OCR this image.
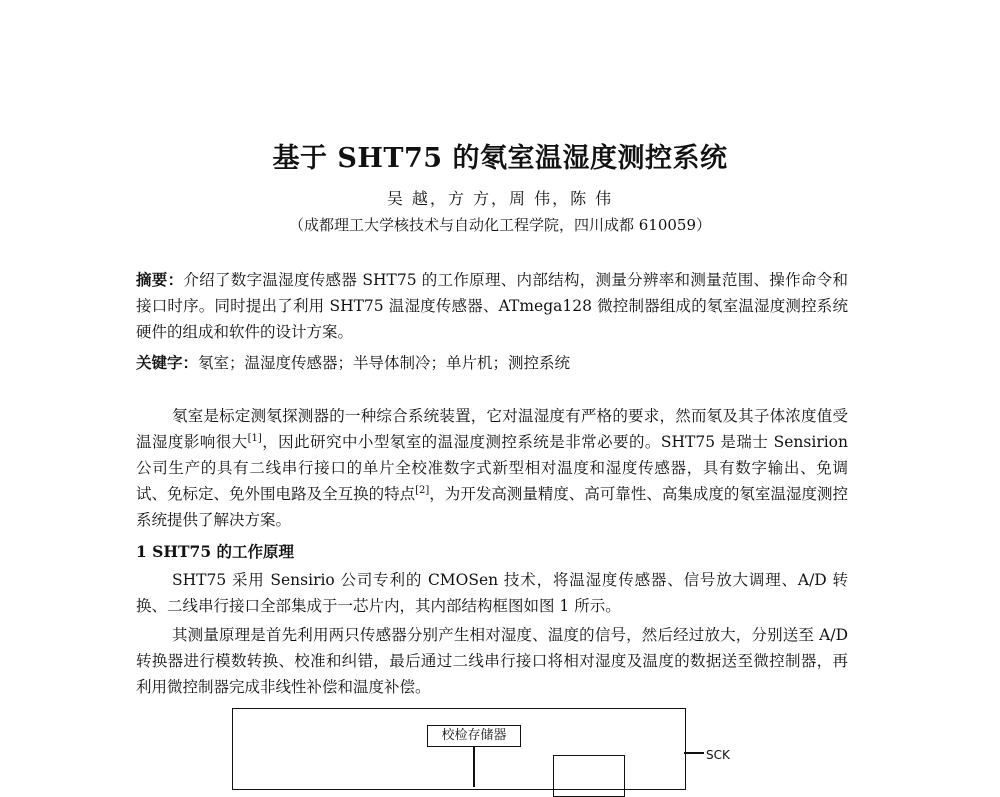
基于 SHT75 的氡室温湿度测控系统
吴 越，方 方，周 伟，陈 伟
（成都理工大学核技术与自动化工程学院，四川成都 610059）

摘要：介绍了数字温湿度传感器 SHT75 的工作原理、内部结构，测量分辨率和测量范围、操作命令和接口时序。同时提出了利用 SHT75 温湿度传感器、ATmega128 微控制器组成的氡室温湿度测控系统硬件的组成和软件的设计方案。

关键字：氡室；温湿度传感器；半导体制冷；单片机；测控系统

氡室是标定测氡探测器的一种综合系统装置，它对温湿度有严格的要求，然而氡及其子体浓度值受温湿度影响很大[1]，因此研究中小型氡室的温湿度测控系统是非常必要的。SHT75 是瑞士 Sensirion 公司生产的具有二线串行接口的单片全校准数字式新型相对温度和湿度传感器，具有数字输出、免调试、免标定、免外围电路及全互换的特点[2]，为开发高测量精度、高可靠性、高集成度的氡室温湿度测控系统提供了解决方案。

1 SHT75 的工作原理

SHT75 采用 Sensirio 公司专利的 CMOSen 技术，将温湿度传感器、信号放大调理、A/D 转换、二线串行接口全部集成于一芯片内，其内部结构框图如图 1 所示。

其测量原理是首先利用两只传感器分别产生相对湿度、温度的信号，然后经过放大，分别送至 A/D 转换器进行模数转换、校准和纠错，最后通过二线串行接口将相对湿度及温度的数据送至微控制器，再利用微控制器完成非线性补偿和温度补偿。

校检存储器
SCK
